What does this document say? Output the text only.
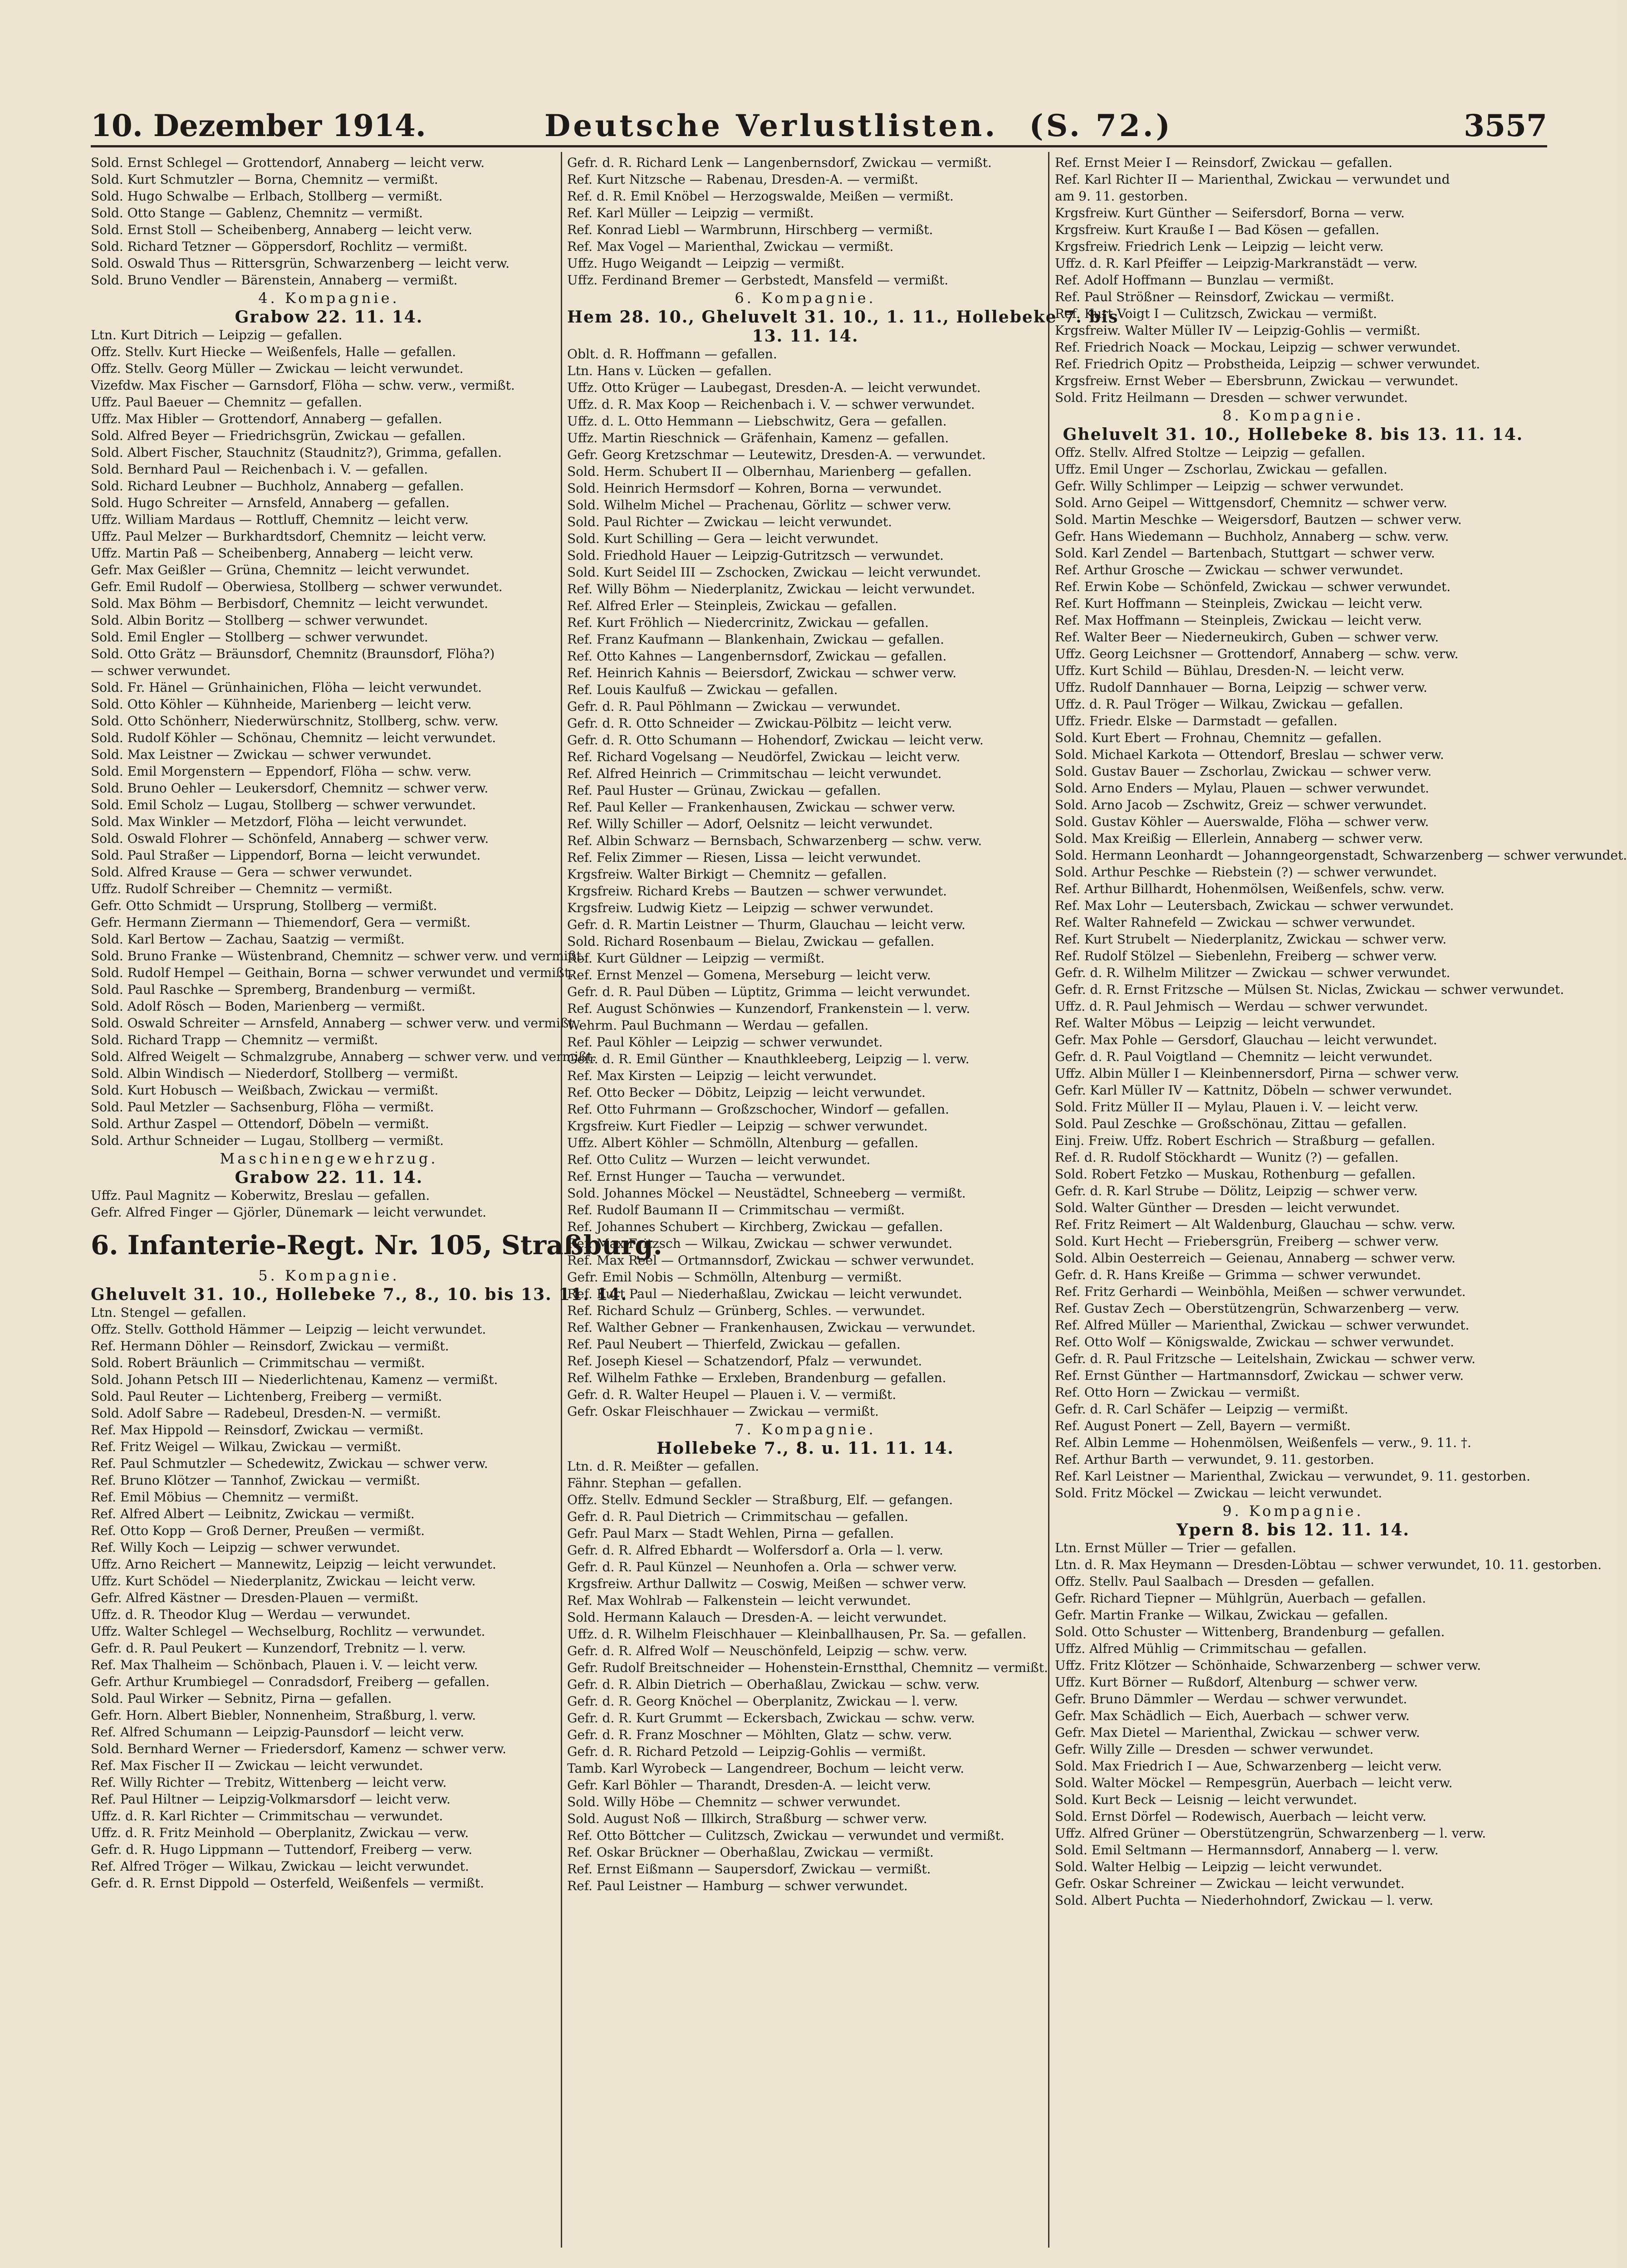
10. Dezember 1914.	Deutsche Verlustlisten. (S. 72.)	3557
Sold. Ernst Schlegel — Grottendorf, Annaberg — leicht verw.
Sold. Kurt Schmutzler — Borna, Chemnitz — vermißt.
Sold. Hugo Schwalbe — Erlbach, Stollberg — vermißt.
Sold. Otto Stange — Gablenz, Chemnitz — vermißt.
Sold. Ernst Stoll — Scheibenberg, Annaberg — leicht verw.
Sold. Richard Tetzner — Göppersdorf, Rochlitz — vermißt.
Sold. Oswald Thus — Rittersgrün, Schwarzenberg — leicht verw.
Sold. Bruno Vendler — Bärenstein, Annaberg — vermißt.
4. Kompagnie.
Grabow 22. 11. 14.
Ltn. Kurt Ditrich — Leipzig — gefallen.
Offz. Stellv. Kurt Hiecke — Weißenfels, Halle — gefallen.
Offz. Stellv. Georg Müller — Zwickau — leicht verwundet.
Vizefdw. Max Fischer — Garnsdorf, Flöha — schw. verw., vermißt.
Uffz. Paul Baeuer — Chemnitz — gefallen.
Uffz. Max Hibler — Grottendorf, Annaberg — gefallen.
Sold. Alfred Beyer — Friedrichsgrün, Zwickau — gefallen.
Sold. Albert Fischer, Stauchnitz (Staudnitz?), Grimma, gefallen.
Sold. Bernhard Paul — Reichenbach i. V. — gefallen.
Sold. Richard Leubner — Buchholz, Annaberg — gefallen.
Sold. Hugo Schreiter — Arnsfeld, Annaberg — gefallen.
Uffz. William Mardaus — Rottluff, Chemnitz — leicht verw.
Uffz. Paul Melzer — Burkhardtsdorf, Chemnitz — leicht verw.
Uffz. Martin Paß — Scheibenberg, Annaberg — leicht verw.
Gefr. Max Geißler — Grüna, Chemnitz — leicht verwundet.
Gefr. Emil Rudolf — Oberwiesa, Stollberg — schwer verwundet.
Sold. Max Böhm — Berbisdorf, Chemnitz — leicht verwundet.
Sold. Albin Boritz — Stollberg — schwer verwundet.
Sold. Emil Engler — Stollberg — schwer verwundet.
Sold. Otto Grätz — Bräunsdorf, Chemnitz (Braunsdorf, Flöha?)
— schwer verwundet.
Sold. Fr. Hänel — Grünhainichen, Flöha — leicht verwundet.
Sold. Otto Köhler — Kühnheide, Marienberg — leicht verw.
Sold. Otto Schönherr, Niederwürschnitz, Stollberg, schw. verw.
Sold. Rudolf Köhler — Schönau, Chemnitz — leicht verwundet.
Sold. Max Leistner — Zwickau — schwer verwundet.
Sold. Emil Morgenstern — Eppendorf, Flöha — schw. verw.
Sold. Bruno Oehler — Leukersdorf, Chemnitz — schwer verw.
Sold. Emil Scholz — Lugau, Stollberg — schwer verwundet.
Sold. Max Winkler — Metzdorf, Flöha — leicht verwundet.
Sold. Oswald Flohrer — Schönfeld, Annaberg — schwer verw.
Sold. Paul Straßer — Lippendorf, Borna — leicht verwundet.
Sold. Alfred Krause — Gera — schwer verwundet.
Uffz. Rudolf Schreiber — Chemnitz — vermißt.
Gefr. Otto Schmidt — Ursprung, Stollberg — vermißt.
Gefr. Hermann Ziermann — Thiemendorf, Gera — vermißt.
Sold. Karl Bertow — Zachau, Saatzig — vermißt.
Sold. Bruno Franke — Wüstenbrand, Chemnitz — schwer verw. und vermißt.
Sold. Rudolf Hempel — Geithain, Borna — schwer verwundet und vermißt.
Sold. Paul Raschke — Spremberg, Brandenburg — vermißt.
Sold. Adolf Rösch — Boden, Marienberg — vermißt.
Sold. Oswald Schreiter — Arnsfeld, Annaberg — schwer verw. und vermißt.
Sold. Richard Trapp — Chemnitz — vermißt.
Sold. Alfred Weigelt — Schmalzgrube, Annaberg — schwer verw. und vermißt.
Sold. Albin Windisch — Niederdorf, Stollberg — vermißt.
Sold. Kurt Hobusch — Weißbach, Zwickau — vermißt.
Sold. Paul Metzler — Sachsenburg, Flöha — vermißt.
Sold. Arthur Zaspel — Ottendorf, Döbeln — vermißt.
Sold. Arthur Schneider — Lugau, Stollberg — vermißt.
Maschinengewehrzug.
Grabow 22. 11. 14.
Uffz. Paul Magnitz — Koberwitz, Breslau — gefallen.
Gefr. Alfred Finger — Gjörler, Dünemark — leicht verwundet.
6. Infanterie-Regt. Nr. 105, Straßburg.
5. Kompagnie.
Gheluvelt 31. 10., Hollebeke 7., 8., 10. bis 13. 11. 14.
Ltn. Stengel — gefallen.
Offz. Stellv. Gotthold Hämmer — Leipzig — leicht verwundet.
Ref. Hermann Döhler — Reinsdorf, Zwickau — vermißt.
Sold. Robert Bräunlich — Crimmitschau — vermißt.
Sold. Johann Petsch III — Niederlichtenau, Kamenz — vermißt.
Sold. Paul Reuter — Lichtenberg, Freiberg — vermißt.
Sold. Adolf Sabre — Radebeul, Dresden-N. — vermißt.
Ref. Max Hippold — Reinsdorf, Zwickau — vermißt.
Ref. Fritz Weigel — Wilkau, Zwickau — vermißt.
Ref. Paul Schmutzler — Schedewitz, Zwickau — schwer verw.
Ref. Bruno Klötzer — Tannhof, Zwickau — vermißt.
Ref. Emil Möbius — Chemnitz — vermißt.
Ref. Alfred Albert — Leibnitz, Zwickau — vermißt.
Ref. Otto Kopp — Groß Derner, Preußen — vermißt.
Ref. Willy Koch — Leipzig — schwer verwundet.
Uffz. Arno Reichert — Mannewitz, Leipzig — leicht verwundet.
Uffz. Kurt Schödel — Niederplanitz, Zwickau — leicht verw.
Gefr. Alfred Kästner — Dresden-Plauen — vermißt.
Uffz. d. R. Theodor Klug — Werdau — verwundet.
Uffz. Walter Schlegel — Wechselburg, Rochlitz — verwundet.
Gefr. d. R. Paul Peukert — Kunzendorf, Trebnitz — l. verw.
Ref. Max Thalheim — Schönbach, Plauen i. V. — leicht verw.
Gefr. Arthur Krumbiegel — Conradsdorf, Freiberg — gefallen.
Sold. Paul Wirker — Sebnitz, Pirna — gefallen.
Gefr. Horn. Albert Biebler, Nonnenheim, Straßburg, l. verw.
Ref. Alfred Schumann — Leipzig-Paunsdorf — leicht verw.
Sold. Bernhard Werner — Friedersdorf, Kamenz — schwer verw.
Ref. Max Fischer II — Zwickau — leicht verwundet.
Ref. Willy Richter — Trebitz, Wittenberg — leicht verw.
Ref. Paul Hiltner — Leipzig-Volkmarsdorf — leicht verw.
Uffz. d. R. Karl Richter — Crimmitschau — verwundet.
Uffz. d. R. Fritz Meinhold — Oberplanitz, Zwickau — verw.
Gefr. d. R. Hugo Lippmann — Tuttendorf, Freiberg — verw.
Ref. Alfred Tröger — Wilkau, Zwickau — leicht verwundet.
Gefr. d. R. Ernst Dippold — Osterfeld, Weißenfels — vermißt.
Gefr. d. R. Richard Lenk — Langenbernsdorf, Zwickau — vermißt.
Ref. Kurt Nitzsche — Rabenau, Dresden-A. — vermißt.
Ref. d. R. Emil Knöbel — Herzogswalde, Meißen — vermißt.
Ref. Karl Müller — Leipzig — vermißt.
Ref. Konrad Liebl — Warmbrunn, Hirschberg — vermißt.
Ref. Max Vogel — Marienthal, Zwickau — vermißt.
Uffz. Hugo Weigandt — Leipzig — vermißt.
Uffz. Ferdinand Bremer — Gerbstedt, Mansfeld — vermißt.
6. Kompagnie.
Hem 28. 10., Gheluvelt 31. 10., 1. 11., Hollebeke 7. bis
13. 11. 14.
Oblt. d. R. Hoffmann — gefallen.
Ltn. Hans v. Lücken — gefallen.
Uffz. Otto Krüger — Laubegast, Dresden-A. — leicht verwundet.
Uffz. d. R. Max Koop — Reichenbach i. V. — schwer verwundet.
Uffz. d. L. Otto Hemmann — Liebschwitz, Gera — gefallen.
Uffz. Martin Rieschnick — Gräfenhain, Kamenz — gefallen.
Gefr. Georg Kretzschmar — Leutewitz, Dresden-A. — verwundet.
Sold. Herm. Schubert II — Olbernhau, Marienberg — gefallen.
Sold. Heinrich Hermsdorf — Kohren, Borna — verwundet.
Sold. Wilhelm Michel — Prachenau, Görlitz — schwer verw.
Sold. Paul Richter — Zwickau — leicht verwundet.
Sold. Kurt Schilling — Gera — leicht verwundet.
Sold. Friedhold Hauer — Leipzig-Gutritzsch — verwundet.
Sold. Kurt Seidel III — Zschocken, Zwickau — leicht verwundet.
Ref. Willy Böhm — Niederplanitz, Zwickau — leicht verwundet.
Ref. Alfred Erler — Steinpleis, Zwickau — gefallen.
Ref. Kurt Fröhlich — Niedercrinitz, Zwickau — gefallen.
Ref. Franz Kaufmann — Blankenhain, Zwickau — gefallen.
Ref. Otto Kahnes — Langenbernsdorf, Zwickau — gefallen.
Ref. Heinrich Kahnis — Beiersdorf, Zwickau — schwer verw.
Ref. Louis Kaulfuß — Zwickau — gefallen.
Gefr. d. R. Paul Pöhlmann — Zwickau — verwundet.
Gefr. d. R. Otto Schneider — Zwickau-Pölbitz — leicht verw.
Gefr. d. R. Otto Schumann — Hohendorf, Zwickau — leicht verw.
Ref. Richard Vogelsang — Neudörfel, Zwickau — leicht verw.
Ref. Alfred Heinrich — Crimmitschau — leicht verwundet.
Ref. Paul Huster — Grünau, Zwickau — gefallen.
Ref. Paul Keller — Frankenhausen, Zwickau — schwer verw.
Ref. Willy Schiller — Adorf, Oelsnitz — leicht verwundet.
Ref. Albin Schwarz — Bernsbach, Schwarzenberg — schw. verw.
Ref. Felix Zimmer — Riesen, Lissa — leicht verwundet.
Krgsfreiw. Walter Birkigt — Chemnitz — gefallen.
Krgsfreiw. Richard Krebs — Bautzen — schwer verwundet.
Krgsfreiw. Ludwig Kietz — Leipzig — schwer verwundet.
Gefr. d. R. Martin Leistner — Thurm, Glauchau — leicht verw.
Sold. Richard Rosenbaum — Bielau, Zwickau — gefallen.
Ref. Kurt Güldner — Leipzig — vermißt.
Ref. Ernst Menzel — Gomena, Merseburg — leicht verw.
Gefr. d. R. Paul Düben — Lüptitz, Grimma — leicht verwundet.
Ref. August Schönwies — Kunzendorf, Frankenstein — l. verw.
Wehrm. Paul Buchmann — Werdau — gefallen.
Ref. Paul Köhler — Leipzig — schwer verwundet.
Gefr. d. R. Emil Günther — Knauthkleeberg, Leipzig — l. verw.
Ref. Max Kirsten — Leipzig — leicht verwundet.
Ref. Otto Becker — Döbitz, Leipzig — leicht verwundet.
Ref. Otto Fuhrmann — Großzschocher, Windorf — gefallen.
Krgsfreiw. Kurt Fiedler — Leipzig — schwer verwundet.
Uffz. Albert Köhler — Schmölln, Altenburg — gefallen.
Ref. Otto Culitz — Wurzen — leicht verwundet.
Ref. Ernst Hunger — Taucha — verwundet.
Sold. Johannes Möckel — Neustädtel, Schneeberg — vermißt.
Ref. Rudolf Baumann II — Crimmitschau — vermißt.
Ref. Johannes Schubert — Kirchberg, Zwickau — gefallen.
Ref. Max Fritzsch — Wilkau, Zwickau — schwer verwundet.
Ref. Max Reel — Ortmannsdorf, Zwickau — schwer verwundet.
Gefr. Emil Nobis — Schmölln, Altenburg — vermißt.
Ref. Kurt Paul — Niederhaßlau, Zwickau — leicht verwundet.
Ref. Richard Schulz — Grünberg, Schles. — verwundet.
Ref. Walther Gebner — Frankenhausen, Zwickau — verwundet.
Ref. Paul Neubert — Thierfeld, Zwickau — gefallen.
Ref. Joseph Kiesel — Schatzendorf, Pfalz — verwundet.
Ref. Wilhelm Fathke — Erxleben, Brandenburg — gefallen.
Gefr. d. R. Walter Heupel — Plauen i. V. — vermißt.
Gefr. Oskar Fleischhauer — Zwickau — vermißt.
7. Kompagnie.
Hollebeke 7., 8. u. 11. 11. 14.
Ltn. d. R. Meißter — gefallen.
Fähnr. Stephan — gefallen.
Offz. Stellv. Edmund Seckler — Straßburg, Elf. — gefangen.
Gefr. d. R. Paul Dietrich — Crimmitschau — gefallen.
Gefr. Paul Marx — Stadt Wehlen, Pirna — gefallen.
Gefr. d. R. Alfred Ebhardt — Wolfersdorf a. Orla — l. verw.
Gefr. d. R. Paul Künzel — Neunhofen a. Orla — schwer verw.
Krgsfreiw. Arthur Dallwitz — Coswig, Meißen — schwer verw.
Ref. Max Wohlrab — Falkenstein — leicht verwundet.
Sold. Hermann Kalauch — Dresden-A. — leicht verwundet.
Uffz. d. R. Wilhelm Fleischhauer — Kleinballhausen, Pr. Sa. — gefallen.
Gefr. d. R. Alfred Wolf — Neuschönfeld, Leipzig — schw. verw.
Gefr. Rudolf Breitschneider — Hohenstein-Ernstthal, Chemnitz — vermißt.
Gefr. d. R. Albin Dietrich — Oberhaßlau, Zwickau — schw. verw.
Gefr. d. R. Georg Knöchel — Oberplanitz, Zwickau — l. verw.
Gefr. d. R. Kurt Grummt — Eckersbach, Zwickau — schw. verw.
Gefr. d. R. Franz Moschner — Möhlten, Glatz — schw. verw.
Gefr. d. R. Richard Petzold — Leipzig-Gohlis — vermißt.
Tamb. Karl Wyrobeck — Langendreer, Bochum — leicht verw.
Gefr. Karl Böhler — Tharandt, Dresden-A. — leicht verw.
Sold. Willy Höbe — Chemnitz — schwer verwundet.
Sold. August Noß — Illkirch, Straßburg — schwer verw.
Ref. Otto Böttcher — Culitzsch, Zwickau — verwundet und vermißt.
Ref. Oskar Brückner — Oberhaßlau, Zwickau — vermißt.
Ref. Ernst Eißmann — Saupersdorf, Zwickau — vermißt.
Ref. Paul Leistner — Hamburg — schwer verwundet.
Ref. Ernst Meier I — Reinsdorf, Zwickau — gefallen.
Ref. Karl Richter II — Marienthal, Zwickau — verwundet und
am 9. 11. gestorben.
Krgsfreiw. Kurt Günther — Seifersdorf, Borna — verw.
Krgsfreiw. Kurt Krauße I — Bad Kösen — gefallen.
Krgsfreiw. Friedrich Lenk — Leipzig — leicht verw.
Uffz. d. R. Karl Pfeiffer — Leipzig-Markranstädt — verw.
Ref. Adolf Hoffmann — Bunzlau — vermißt.
Ref. Paul Strößner — Reinsdorf, Zwickau — vermißt.
Ref. Kurt Voigt I — Culitzsch, Zwickau — vermißt.
Krgsfreiw. Walter Müller IV — Leipzig-Gohlis — vermißt.
Ref. Friedrich Noack — Mockau, Leipzig — schwer verwundet.
Ref. Friedrich Opitz — Probstheida, Leipzig — schwer verwundet.
Krgsfreiw. Ernst Weber — Ebersbrunn, Zwickau — verwundet.
Sold. Fritz Heilmann — Dresden — schwer verwundet.
8. Kompagnie.
Gheluvelt 31. 10., Hollebeke 8. bis 13. 11. 14.
Offz. Stellv. Alfred Stoltze — Leipzig — gefallen.
Uffz. Emil Unger — Zschorlau, Zwickau — gefallen.
Gefr. Willy Schlimper — Leipzig — schwer verwundet.
Sold. Arno Geipel — Wittgensdorf, Chemnitz — schwer verw.
Sold. Martin Meschke — Weigersdorf, Bautzen — schwer verw.
Gefr. Hans Wiedemann — Buchholz, Annaberg — schw. verw.
Sold. Karl Zendel — Bartenbach, Stuttgart — schwer verw.
Ref. Arthur Grosche — Zwickau — schwer verwundet.
Ref. Erwin Kobe — Schönfeld, Zwickau — schwer verwundet.
Ref. Kurt Hoffmann — Steinpleis, Zwickau — leicht verw.
Ref. Max Hoffmann — Steinpleis, Zwickau — leicht verw.
Ref. Walter Beer — Niederneukirch, Guben — schwer verw.
Uffz. Georg Leichsner — Grottendorf, Annaberg — schw. verw.
Uffz. Kurt Schild — Bühlau, Dresden-N. — leicht verw.
Uffz. Rudolf Dannhauer — Borna, Leipzig — schwer verw.
Uffz. d. R. Paul Tröger — Wilkau, Zwickau — gefallen.
Uffz. Friedr. Elske — Darmstadt — gefallen.
Sold. Kurt Ebert — Frohnau, Chemnitz — gefallen.
Sold. Michael Karkota — Ottendorf, Breslau — schwer verw.
Sold. Gustav Bauer — Zschorlau, Zwickau — schwer verw.
Sold. Arno Enders — Mylau, Plauen — schwer verwundet.
Sold. Arno Jacob — Zschwitz, Greiz — schwer verwundet.
Sold. Gustav Köhler — Auerswalde, Flöha — schwer verw.
Sold. Max Kreißig — Ellerlein, Annaberg — schwer verw.
Sold. Hermann Leonhardt — Johanngeorgenstadt, Schwarzenberg — schwer verwundet.
Sold. Arthur Peschke — Riebstein (?) — schwer verwundet.
Ref. Arthur Billhardt, Hohenmölsen, Weißenfels, schw. verw.
Ref. Max Lohr — Leutersbach, Zwickau — schwer verwundet.
Ref. Walter Rahnefeld — Zwickau — schwer verwundet.
Ref. Kurt Strubelt — Niederplanitz, Zwickau — schwer verw.
Ref. Rudolf Stölzel — Siebenlehn, Freiberg — schwer verw.
Gefr. d. R. Wilhelm Militzer — Zwickau — schwer verwundet.
Gefr. d. R. Ernst Fritzsche — Mülsen St. Niclas, Zwickau — schwer verwundet.
Uffz. d. R. Paul Jehmisch — Werdau — schwer verwundet.
Ref. Walter Möbus — Leipzig — leicht verwundet.
Gefr. Max Pohle — Gersdorf, Glauchau — leicht verwundet.
Gefr. d. R. Paul Voigtland — Chemnitz — leicht verwundet.
Uffz. Albin Müller I — Kleinbennersdorf, Pirna — schwer verw.
Gefr. Karl Müller IV — Kattnitz, Döbeln — schwer verwundet.
Sold. Fritz Müller II — Mylau, Plauen i. V. — leicht verw.
Sold. Paul Zeschke — Großschönau, Zittau — gefallen.
Einj. Freiw. Uffz. Robert Eschrich — Straßburg — gefallen.
Ref. d. R. Rudolf Stöckhardt — Wunitz (?) — gefallen.
Sold. Robert Fetzko — Muskau, Rothenburg — gefallen.
Gefr. d. R. Karl Strube — Dölitz, Leipzig — schwer verw.
Sold. Walter Günther — Dresden — leicht verwundet.
Ref. Fritz Reimert — Alt Waldenburg, Glauchau — schw. verw.
Sold. Kurt Hecht — Friebersgrün, Freiberg — schwer verw.
Sold. Albin Oesterreich — Geienau, Annaberg — schwer verw.
Gefr. d. R. Hans Kreiße — Grimma — schwer verwundet.
Ref. Fritz Gerhardi — Weinböhla, Meißen — schwer verwundet.
Ref. Gustav Zech — Oberstützengrün, Schwarzenberg — verw.
Ref. Alfred Müller — Marienthal, Zwickau — schwer verwundet.
Ref. Otto Wolf — Königswalde, Zwickau — schwer verwundet.
Gefr. d. R. Paul Fritzsche — Leitelshain, Zwickau — schwer verw.
Ref. Ernst Günther — Hartmannsdorf, Zwickau — schwer verw.
Ref. Otto Horn — Zwickau — vermißt.
Gefr. d. R. Carl Schäfer — Leipzig — vermißt.
Ref. August Ponert — Zell, Bayern — vermißt.
Ref. Albin Lemme — Hohenmölsen, Weißenfels — verw., 9. 11. †.
Ref. Arthur Barth — verwundet, 9. 11. gestorben.
Ref. Karl Leistner — Marienthal, Zwickau — verwundet, 9. 11. gestorben.
Sold. Fritz Möckel — Zwickau — leicht verwundet.
9. Kompagnie.
Ypern 8. bis 12. 11. 14.
Ltn. Ernst Müller — Trier — gefallen.
Ltn. d. R. Max Heymann — Dresden-Löbtau — schwer verwundet, 10. 11. gestorben.
Offz. Stellv. Paul Saalbach — Dresden — gefallen.
Gefr. Richard Tiepner — Mühlgrün, Auerbach — gefallen.
Gefr. Martin Franke — Wilkau, Zwickau — gefallen.
Sold. Otto Schuster — Wittenberg, Brandenburg — gefallen.
Uffz. Alfred Mühlig — Crimmitschau — gefallen.
Uffz. Fritz Klötzer — Schönhaide, Schwarzenberg — schwer verw.
Uffz. Kurt Börner — Rußdorf, Altenburg — schwer verw.
Gefr. Bruno Dämmler — Werdau — schwer verwundet.
Gefr. Max Schädlich — Eich, Auerbach — schwer verw.
Gefr. Max Dietel — Marienthal, Zwickau — schwer verw.
Gefr. Willy Zille — Dresden — schwer verwundet.
Sold. Max Friedrich I — Aue, Schwarzenberg — leicht verw.
Sold. Walter Möckel — Rempesgrün, Auerbach — leicht verw.
Sold. Kurt Beck — Leisnig — leicht verwundet.
Sold. Ernst Dörfel — Rodewisch, Auerbach — leicht verw.
Uffz. Alfred Grüner — Oberstützengrün, Schwarzenberg — l. verw.
Sold. Emil Seltmann — Hermannsdorf, Annaberg — l. verw.
Sold. Walter Helbig — Leipzig — leicht verwundet.
Gefr. Oskar Schreiner — Zwickau — leicht verwundet.
Sold. Albert Puchta — Niederhohndorf, Zwickau — l. verw.
